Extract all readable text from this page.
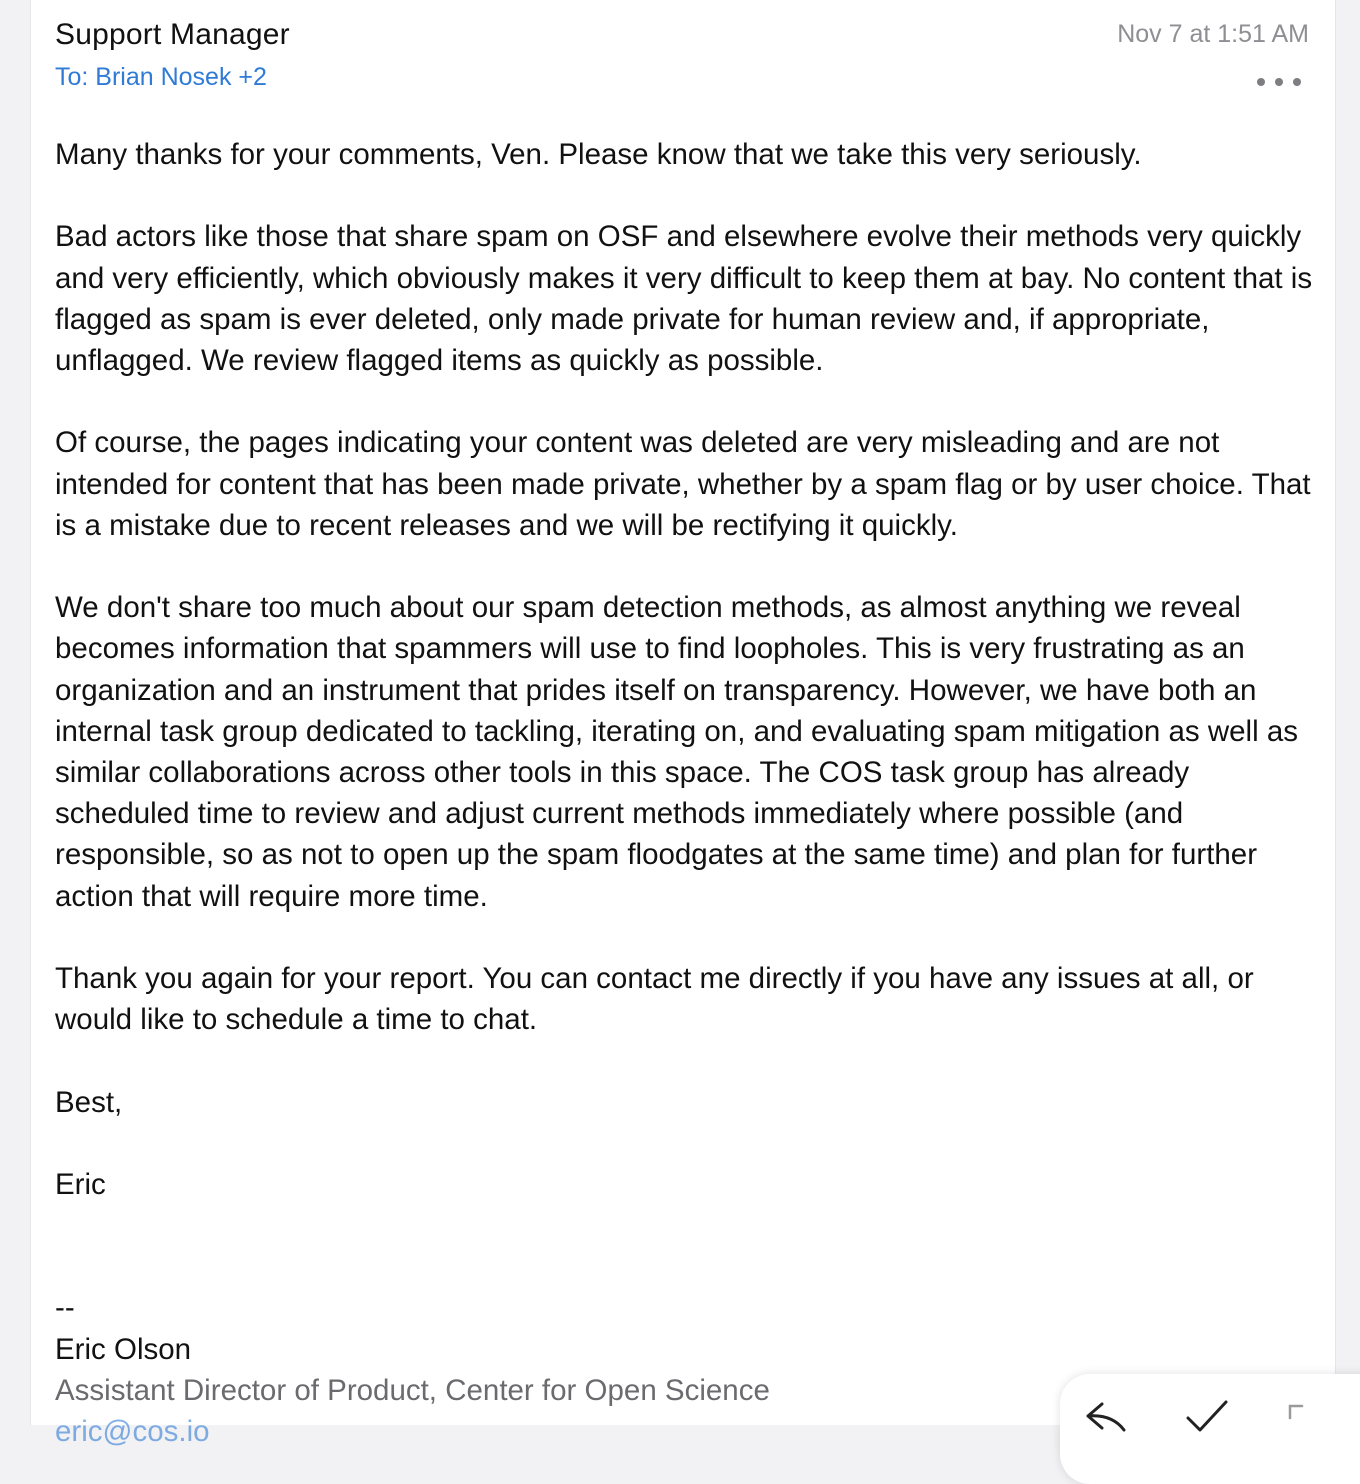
Support Manager
To: Brian Nosek +2
Nov 7 at 1:51 AM

Many thanks for your comments, Ven. Please know that we take this very seriously.

Bad actors like those that share spam on OSF and elsewhere evolve their methods very quickly and very efficiently, which obviously makes it very difficult to keep them at bay. No content that is flagged as spam is ever deleted, only made private for human review and, if appropriate, unflagged. We review flagged items as quickly as possible.

Of course, the pages indicating your content was deleted are very misleading and are not intended for content that has been made private, whether by a spam flag or by user choice. That is a mistake due to recent releases and we will be rectifying it quickly.

We don't share too much about our spam detection methods, as almost anything we reveal becomes information that spammers will use to find loopholes. This is very frustrating as an organization and an instrument that prides itself on transparency. However, we have both an internal task group dedicated to tackling, iterating on, and evaluating spam mitigation as well as similar collaborations across other tools in this space. The COS task group has already scheduled time to review and adjust current methods immediately where possible (and responsible, so as not to open up the spam floodgates at the same time) and plan for further action that will require more time.

Thank you again for your report. You can contact me directly if you have any issues at all, or would like to schedule a time to chat.

Best,

Eric

--
Eric Olson
Assistant Director of Product, Center for Open Science
eric@cos.io
